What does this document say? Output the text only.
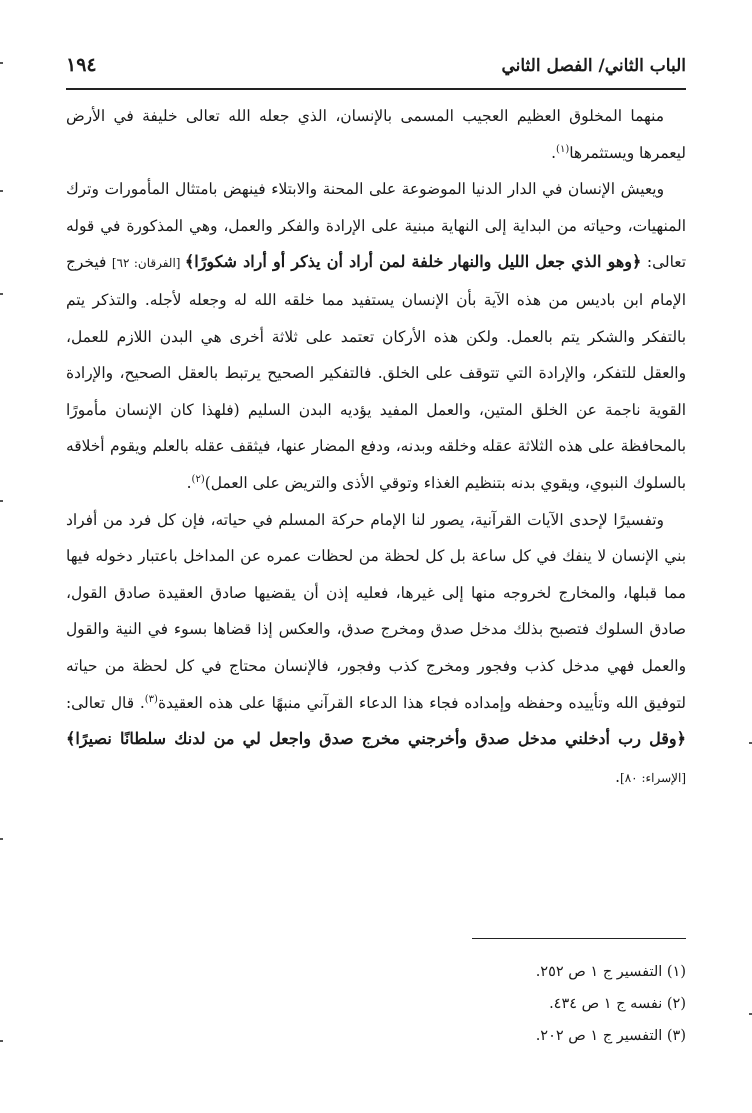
الباب الثاني/ الفصل الثاني
١٩٤

منهما المخلوق العظيم العجيب المسمى بالإنسان، الذي جعله الله تعالى خليفة في الأرض ليعمرها ويستثمرها$^{(١)}$.

ويعيش الإنسان في الدار الدنيا الموضوعة على المحنة والابتلاء فينهض بامتثال المأمورات وترك المنهيات، وحياته من البداية إلى النهاية مبنية على الإرادة والفكر والعمل، وهي المذكورة في قوله تعالى: ﴿وهو الذي جعل الليل والنهار خلفة لمن أراد أن يذكر أو أراد شكورًا﴾ [الفرقان: ٦٢] فيخرج الإمام ابن باديس من هذه الآية بأن الإنسان يستفيد مما خلقه الله له وجعله لأجله. والتذكر يتم بالتفكر والشكر يتم بالعمل. ولكن هذه الأركان تعتمد على ثلاثة أخرى هي البدن اللازم للعمل، والعقل للتفكر، والإرادة التي تتوقف على الخلق. فالتفكير الصحيح يرتبط بالعقل الصحيح، والإرادة القوية ناجمة عن الخلق المتين، والعمل المفيد يؤديه البدن السليم (فلهذا كان الإنسان مأمورًا بالمحافظة على هذه الثلاثة عقله وخلقه وبدنه، ودفع المضار عنها، فيثقف عقله بالعلم ويقوم أخلاقه بالسلوك النبوي، ويقوي بدنه بتنظيم الغذاء وتوقي الأذى والتريض على العمل)$^{(٢)}$.

وتفسيرًا لإحدى الآيات القرآنية، يصور لنا الإمام حركة المسلم في حياته، فإن كل فرد من أفراد بني الإنسان لا ينفك في كل ساعة بل كل لحظة من لحظات عمره عن المداخل باعتبار دخوله فيها مما قبلها، والمخارج لخروجه منها إلى غيرها، فعليه إذن أن يقضيها صادق العقيدة صادق القول، صادق السلوك فتصبح بذلك مدخل صدق ومخرج صدق، والعكس إذا قضاها بسوء في النية والقول والعمل فهي مدخل كذب وفجور ومخرج كذب وفجور، فالإنسان محتاج في كل لحظة من حياته لتوفيق الله وتأييده وحفظه وإمداده فجاء هذا الدعاء القرآني منبهًا على هذه العقيدة$^{(٣)}$. قال تعالى: ﴿وقل رب أدخلني مدخل صدق وأخرجني مخرج صدق واجعل لي من لدنك سلطانًا نصيرًا﴾ [الإسراء: ٨٠].

(١) التفسير ج ١ ص ٢٥٢.
(٢) نفسه ج ١ ص ٤٣٤.
(٣) التفسير ج ١ ص ٢٠٢.
